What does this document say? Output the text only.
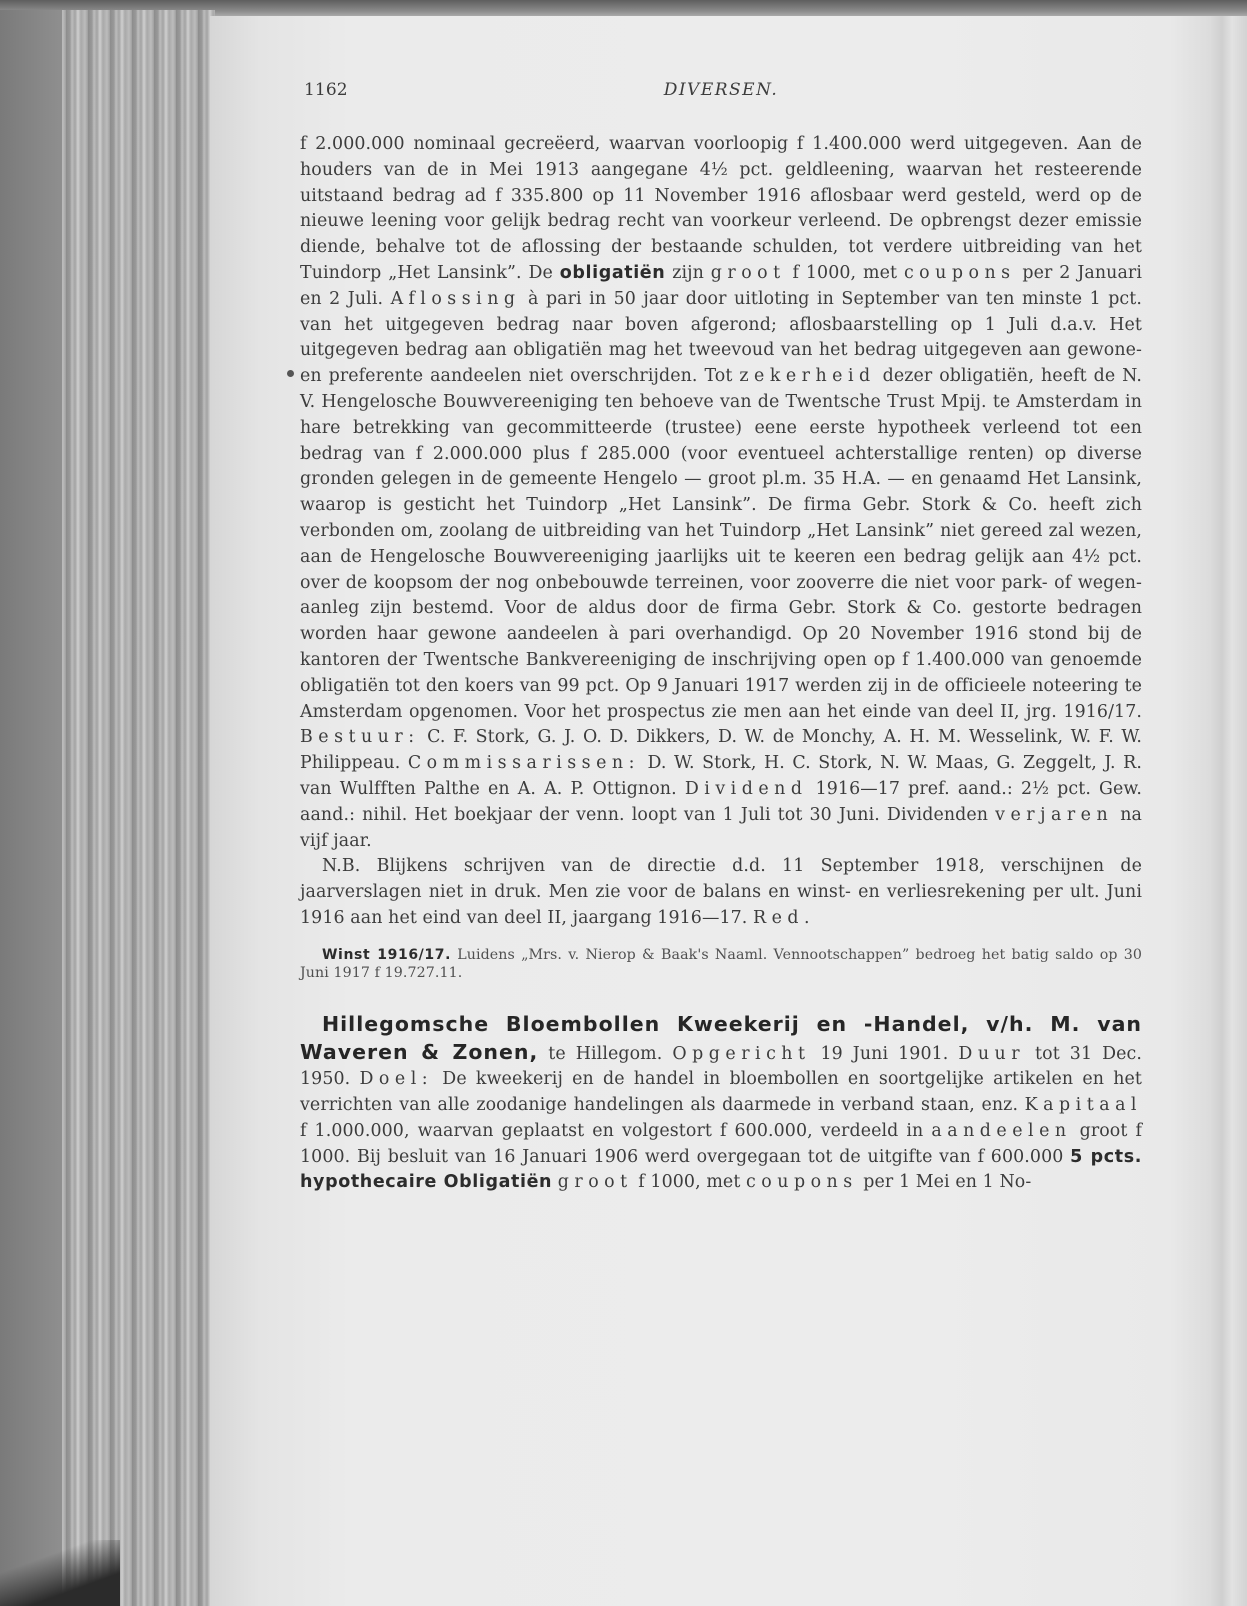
1162	DIVERSEN.

f 2.000.000 nominaal gecreëerd, waarvan voorloopig f 1.400.000 werd uitgegeven. Aan de houders van de in Mei 1913 aangegane 4½ pct. geldleening, waarvan het resteerende uitstaand bedrag ad f 335.800 op 11 November 1916 aflosbaar werd gesteld, werd op de nieuwe leening voor gelijk bedrag recht van voorkeur verleend. De opbrengst dezer emissie diende, behalve tot de aflossing der bestaande schulden, tot verdere uitbreiding van het Tuindorp „Het Lansink”. De obligatiën zijn groot f 1000, met coupons per 2 Januari en 2 Juli. Aflossing à pari in 50 jaar door uitloting in September van ten minste 1 pct. van het uitgegeven bedrag naar boven afgerond; aflosbaarstelling op 1 Juli d.a.v. Het uitgegeven bedrag aan obligatiën mag het tweevoud van het bedrag uitgegeven aan gewone- en preferente aandeelen niet overschrijden. Tot zekerheid dezer obligatiën, heeft de N. V. Hengelosche Bouwvereeniging ten behoeve van de Twentsche Trust Mpij. te Amsterdam in hare betrekking van gecommitteerde (trustee) eene eerste hypotheek verleend tot een bedrag van f 2.000.000 plus f 285.000 (voor eventueel achterstallige renten) op diverse gronden gelegen in de gemeente Hengelo — groot pl.m. 35 H.A. — en genaamd Het Lansink, waarop is gesticht het Tuindorp „Het Lansink”. De firma Gebr. Stork & Co. heeft zich verbonden om, zoolang de uitbreiding van het Tuindorp „Het Lansink” niet gereed zal wezen, aan de Hengelosche Bouwvereeniging jaarlijks uit te keeren een bedrag gelijk aan 4½ pct. over de koopsom der nog onbebouwde terreinen, voor zooverre die niet voor park- of wegen-aanleg zijn bestemd. Voor de aldus door de firma Gebr. Stork & Co. gestorte bedragen worden haar gewone aandeelen à pari overhandigd. Op 20 November 1916 stond bij de kantoren der Twentsche Bankvereeniging de inschrijving open op f 1.400.000 van genoemde obligatiën tot den koers van 99 pct. Op 9 Januari 1917 werden zij in de officieele noteering te Amsterdam opgenomen. Voor het prospectus zie men aan het einde van deel II, jrg. 1916/17. Bestuur: C. F. Stork, G. J. O. D. Dikkers, D. W. de Monchy, A. H. M. Wesselink, W. F. W. Philippeau. Commissarissen: D. W. Stork, H. C. Stork, N. W. Maas, G. Zeggelt, J. R. van Wulfften Palthe en A. A. P. Ottignon. Dividend 1916—17 pref. aand.: 2½ pct. Gew. aand.: nihil. Het boekjaar der venn. loopt van 1 Juli tot 30 Juni. Dividenden verjaren na vijf jaar.

N.B. Blijkens schrijven van de directie d.d. 11 September 1918, verschijnen de jaarverslagen niet in druk. Men zie voor de balans en winst- en verliesrekening per ult. Juni 1916 aan het eind van deel II, jaargang 1916—17. Red.

Winst 1916/17. Luidens „Mrs. v. Nierop & Baak's Naaml. Vennootschappen” bedroeg het batig saldo op 30 Juni 1917 f 19.727.11.

Hillegomsche Bloembollen Kweekerij en -Handel, v/h. M. van Waveren & Zonen, te Hillegom. Opgericht 19 Juni 1901. Duur tot 31 Dec. 1950. Doel: De kweekerij en de handel in bloembollen en soortgelijke artikelen en het verrichten van alle zoodanige handelingen als daarmede in verband staan, enz. Kapitaal f 1.000.000, waarvan geplaatst en volgestort f 600.000, verdeeld in aandeelen groot f 1000. Bij besluit van 16 Januari 1906 werd overgegaan tot de uitgifte van f 600.000 5 pcts. hypothecaire Obligatiën groot f 1000, met coupons per 1 Mei en 1 No-
